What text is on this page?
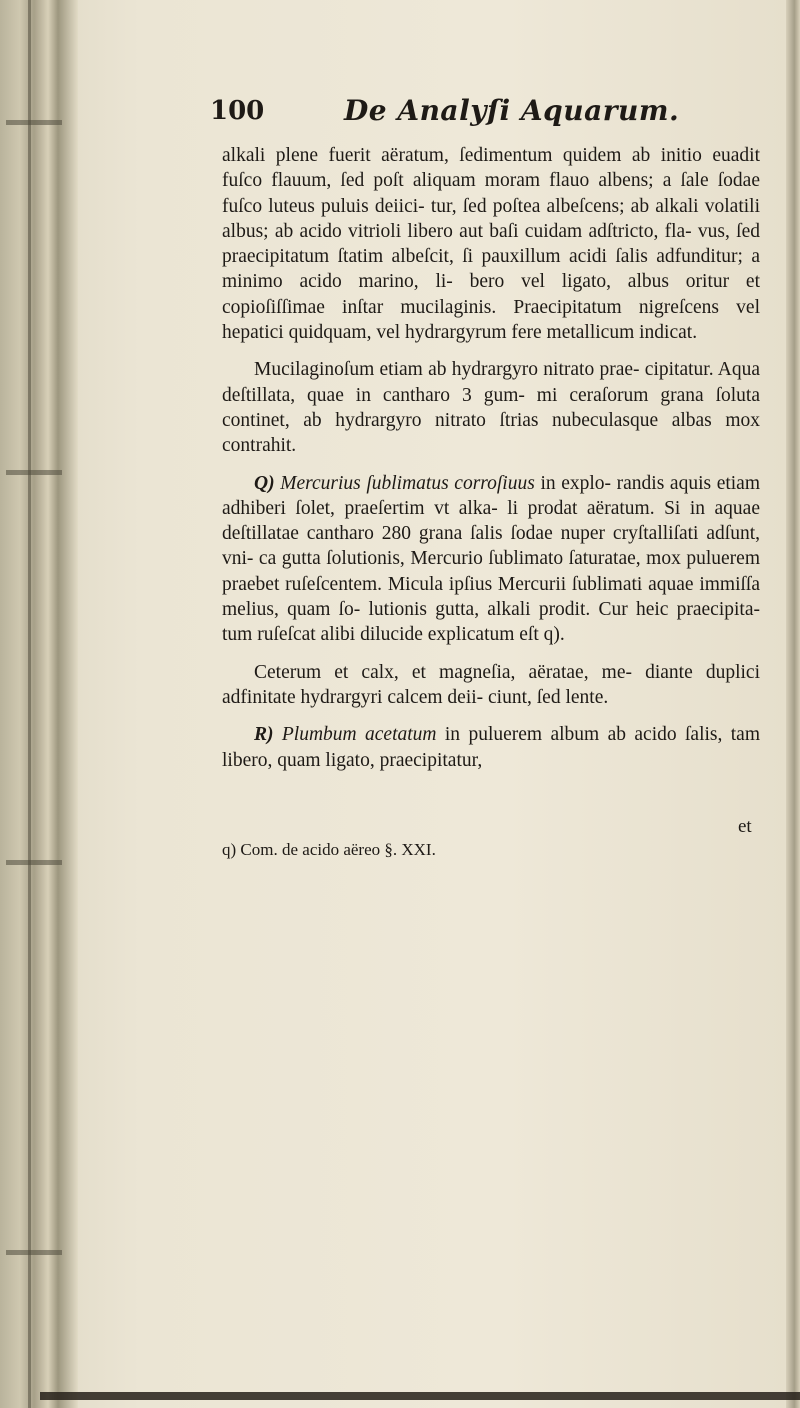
100	De Analyſi Aquarum.

alkali plene fuerit aëratum, ſedimentum quidem ab initio euadit fuſco flauum, ſed poſt aliquam moram flauo albens; a ſale ſodae fuſco luteus puluis deiici- tur, ſed poſtea albeſcens; ab alkali volatili albus; ab acido vitrioli libero aut baſi cuidam adſtricto, fla- vus, ſed praecipitatum ſtatim albeſcit, ſi pauxillum acidi ſalis adfunditur; a minimo acido marino, li- bero vel ligato, albus oritur et copioſiſſimae inſtar mucilaginis. Praecipitatum nigreſcens vel hepatici quidquam, vel hydrargyrum fere metallicum indicat.

Mucilaginoſum etiam ab hydrargyro nitrato prae- cipitatur. Aqua deſtillata, quae in cantharo 3 gum- mi ceraſorum grana ſoluta continet, ab hydrargyro nitrato ſtrias nubeculasque albas mox contrahit.

Q) Mercurius ſublimatus corroſiuus in explo- randis aquis etiam adhiberi ſolet, praeſertim vt alka- li prodat aëratum. Si in aquae deſtillatae cantharo 280 grana ſalis ſodae nuper cryſtalliſati adſunt, vni- ca gutta ſolutionis, Mercurio ſublimato ſaturatae, mox puluerem praebet ruſeſcentem. Micula ipſius Mercurii ſublimati aquae immiſſa melius, quam ſo- lutionis gutta, alkali prodit. Cur heic praecipita- tum ruſeſcat alibi dilucide explicatum eſt q).

Ceterum et calx, et magneſia, aëratae, me- diante duplici adfinitate hydrargyri calcem deii- ciunt, ſed lente.

R) Plumbum acetatum in puluerem album ab acido ſalis, tam libero, quam ligato, praecipitatur,

et
q) Com. de acido aëreo §. XXI.
